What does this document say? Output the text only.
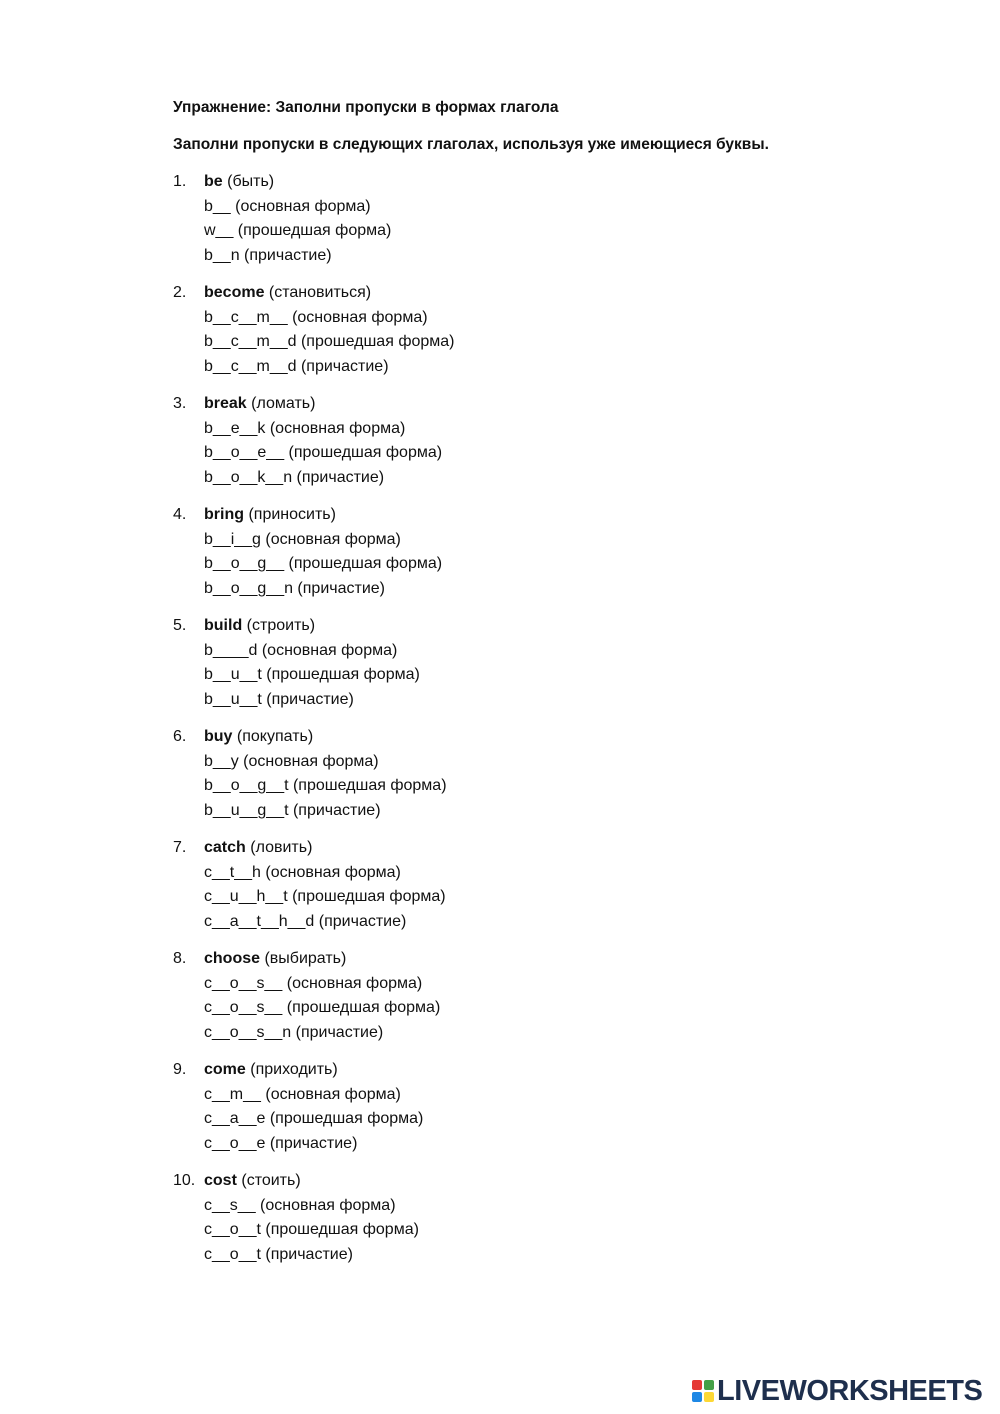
Упражнение: Заполни пропуски в формах глагола

Заполни пропуски в следующих глаголах, используя уже имеющиеся буквы.

1.	be (быть)
b__ (основная форма)
w__ (прошедшая форма)
b__n (причастие)
2.	become (становиться)
b__c__m__ (основная форма)
b__c__m__d (прошедшая форма)
b__c__m__d (причастие)
3.	break (ломать)
b__e__k (основная форма)
b__o__e__ (прошедшая форма)
b__o__k__n (причастие)
4.	bring (приносить)
b__i__g (основная форма)
b__o__g__ (прошедшая форма)
b__o__g__n (причастие)
5.	build (строить)
b____d (основная форма)
b__u__t (прошедшая форма)
b__u__t (причастие)
6.	buy (покупать)
b__y (основная форма)
b__o__g__t (прошедшая форма)
b__u__g__t (причастие)
7.	catch (ловить)
c__t__h (основная форма)
c__u__h__t (прошедшая форма)
c__a__t__h__d (причастие)
8.	choose (выбирать)
c__o__s__ (основная форма)
c__o__s__ (прошедшая форма)
c__o__s__n (причастие)
9.	come (приходить)
c__m__ (основная форма)
c__a__e (прошедшая форма)
c__o__e (причастие)
10. cost (стоить)
c__s__ (основная форма)
c__o__t (прошедшая форма)
c__o__t (причастие)
LIVEWORKSHEETS
